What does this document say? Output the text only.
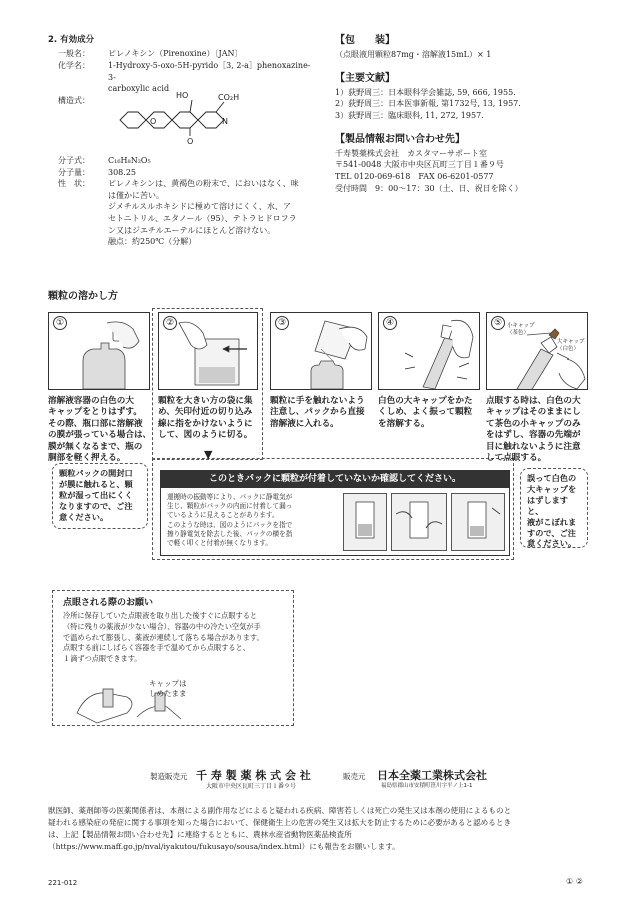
2. 有効成分
一般名：	ピレノキシン（Pirenoxine）〔JAN〕
化学名：	1-Hydroxy-5-oxo-5H-pyrido［3, 2-a］phenoxazine-3-
carboxylic acid
構造式：
HO	CO₂H
N
O
O
分子式：	C₁₆H₈N₂O₅
分子量：	308.25
性　状：	ピレノキシンは、黄褐色の粉末で、においはなく、味
は僅かに苦い。
ジメチルスルホキシドに極めて溶けにくく、水、ア
セトニトリル、エタノール（95）、テトラヒドロフラ
ン又はジエチルエーテルにほとんど溶けない。
融点：約250℃（分解）
【包　　装】
（点眼液用顆粒87mg・溶解液15mL）× 1
【主要文献】
1）荻野周三：日本眼科学会雑誌, 59, 666, 1955.
2）荻野周三：日本医事新報, 第1732号, 13, 1957.
3）荻野周三：臨床眼科, 11, 272, 1957.
【製品情報お問い合わせ先】
千寿製薬株式会社　カスタマーサポート室
〒541-0048 大阪市中央区瓦町三丁目１番９号
TEL 0120-069-618　FAX 06-6201-0577
受付時間　9：00～17：30（土、日、祝日を除く）
顆粒の溶かし方
①
溶解液容器の白色の大
キャップをとりはずす。
その際、瓶口部に溶解液
の膜が張っている場合は、
膜が無くなるまで、瓶の
胴部を軽く押える。
②
顆粒を大きい方の袋に集
め、矢印付近の切り込み
線に指をかけないように
して、図のように切る。
▼
③
顆粒に手を触れないよう
注意し、パックから直接
溶解液に入れる。
④
白色の大キャップをかた
くしめ、よく振って顆粒
を溶解する。
⑤ 小キャップ
（茶色）
大キャップ
（白色）
点眼する時は、白色の大
キャップはそのままにし
て茶色の小キャップのみ
をはずし、容器の先端が
目に触れないように注意
して点眼する。
顆粒パックの開封口
が膜に触れると、顆
粒が湿って出にくく
なりますので、ご注
意ください。
誤って白色の
大キャップを
はずしますと、
液がこぼれま
すので、ご注
意ください。
このときパックに顆粒が付着していないか確認してください。
運搬時の振動等により、パックに静電気が
生じ、顆粒がパックの内面に付着して漏っ
ているように見えることがあります。
このような時は、図のようにパックを指で
擦り静電気を除去した後、パックの横を指
で軽く叩くと付着が無くなります。
点眼される際のお願い
冷所に保存していた点眼液を取り出した後すぐに点眼すると
（特に残りの薬液が少ない場合）、容器の中の冷たい空気が手
で温められて膨張し、薬液が連続して落ちる場合があります。
点眼する前にしばらく容器を手で温めてから点眼すると、
１滴ずつ点眼できます。
キャップは
しめたまま
製造販売元 千 寿 製 薬 株 式 会 社
大阪市中央区瓦町三丁目１番９号
販売元 日本全薬工業株式会社
福島県郡山市安積町笹川字平ノ上1-1
獣医師、薬剤師等の医薬関係者は、本剤による副作用などによると疑われる疾病、障害若しくは死亡の発生又は本剤の使用によるものと
疑われる感染症の発症に関する事項を知った場合において、保健衛生上の危害の発生又は拡大を防止するために必要があると認めるとき
は、上記【製品情報お問い合わせ先】に連絡するとともに、農林水産省動物医薬品検査所
（https://www.maff.go.jp/nval/iyakutou/fukusayo/sousa/index.html）にも報告をお願いします。
221-012	① ②
